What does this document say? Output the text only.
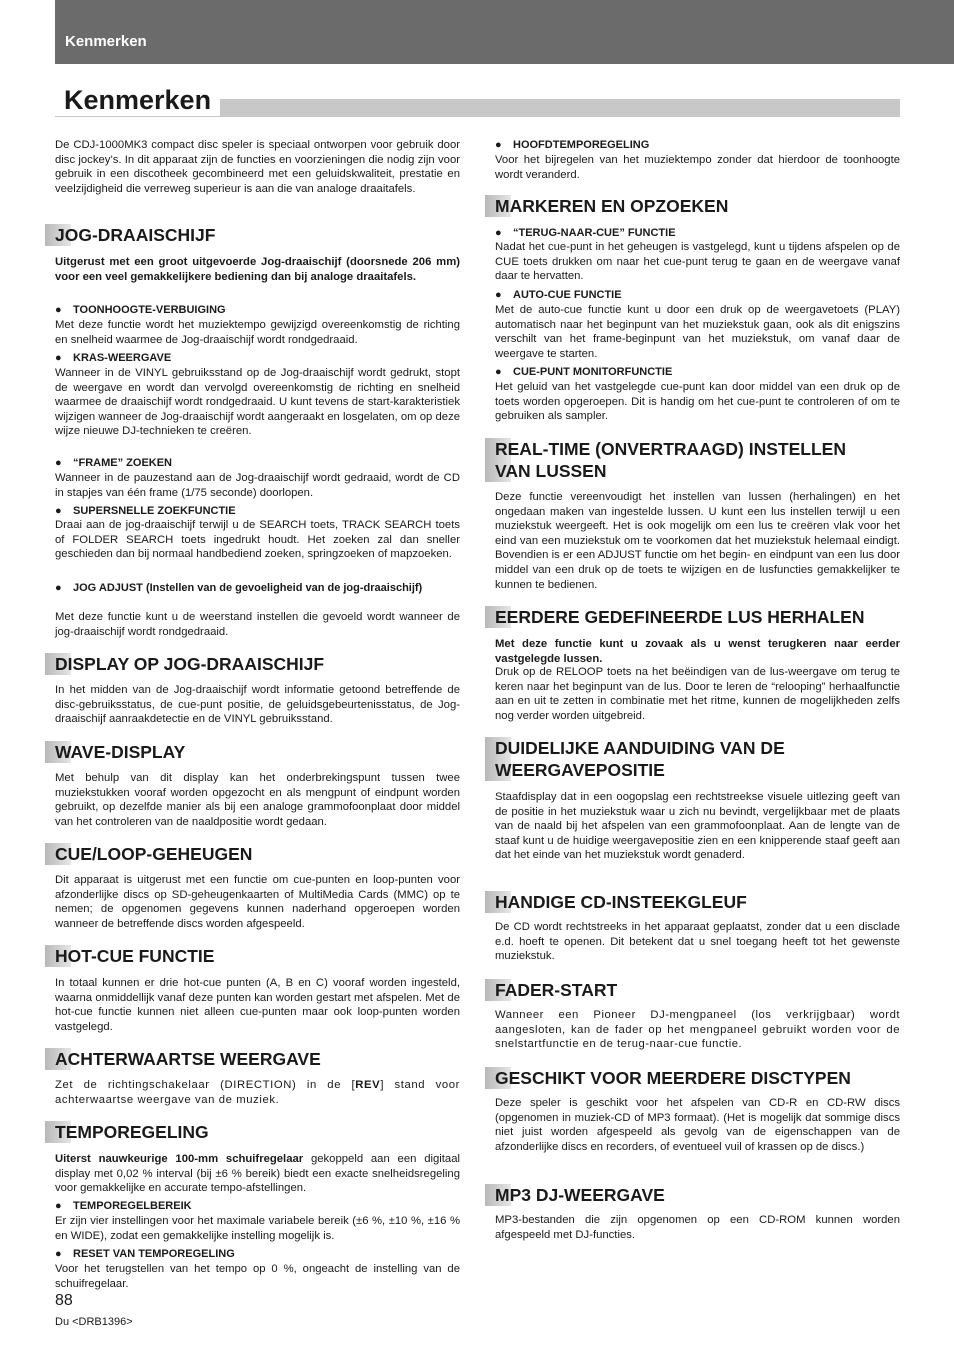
Kenmerken
Kenmerken

De CDJ-1000MK3 compact disc speler is speciaal ontworpen voor gebruik door disc jockey’s. In dit apparaat zijn de functies en voorzieningen die nodig zijn voor gebruik in een discotheek gecombineerd met een geluidskwaliteit, prestatie en veelzijdigheid die verreweg superieur is aan die van analoge draaitafels.

JOG-DRAAISCHIJF

Uitgerust met een groot uitgevoerde Jog-draaischijf (doorsnede 206 mm) voor een veel gemakkelijkere bediening dan bij analoge draaitafels.

● TOONHOOGTE-VERBUIGING

Met deze functie wordt het muziektempo gewijzigd overeenkomstig de richting en snelheid waarmee de Jog-draaischijf wordt rondgedraaid.

● KRAS-WEERGAVE

Wanneer in de VINYL gebruiksstand op de Jog-draaischijf wordt gedrukt, stopt de weergave en wordt dan vervolgd overeenkomstig de richting en snelheid waarmee de draaischijf wordt rondgedraaid. U kunt tevens de start-karakteristiek wijzigen wanneer de Jog-draaischijf wordt aangeraakt en losgelaten, om op deze wijze nieuwe DJ-technieken te creëren.

● “FRAME” ZOEKEN

Wanneer in de pauzestand aan de Jog-draaischijf wordt gedraaid, wordt de CD in stapjes van één frame (1/75 seconde) doorlopen.

● SUPERSNELLE ZOEKFUNCTIE

Draai aan de jog-draaischijf terwijl u de SEARCH toets, TRACK SEARCH toets of FOLDER SEARCH toets ingedrukt houdt. Het zoeken zal dan sneller geschieden dan bij normaal handbediend zoeken, springzoeken of mapzoeken.

● JOG ADJUST (Instellen van de gevoeligheid van de jog-draaischijf)

Met deze functie kunt u de weerstand instellen die gevoeld wordt wanneer de jog-draaischijf wordt rondgedraaid.

DISPLAY OP JOG-DRAAISCHIJF

In het midden van de Jog-draaischijf wordt informatie getoond betreffende de disc-gebruiksstatus, de cue-punt positie, de geluidsgebeurtenisstatus, de Jog-draaischijf aanraakdetectie en de VINYL gebruiksstand.

WAVE-DISPLAY

Met behulp van dit display kan het onderbrekingspunt tussen twee muziekstukken vooraf worden opgezocht en als mengpunt of eindpunt worden gebruikt, op dezelfde manier als bij een analoge grammofoonplaat door middel van het controleren van de naaldpositie wordt gedaan.

CUE/LOOP-GEHEUGEN

Dit apparaat is uitgerust met een functie om cue-punten en loop-punten voor afzonderlijke discs op SD-geheugenkaarten of MultiMedia Cards (MMC) op te nemen; de opgenomen gegevens kunnen naderhand opgeroepen worden wanneer de betreffende discs worden afgespeeld.

HOT-CUE FUNCTIE

In totaal kunnen er drie hot-cue punten (A, B en C) vooraf worden ingesteld, waarna onmiddellijk vanaf deze punten kan worden gestart met afspelen. Met de hot-cue functie kunnen niet alleen cue-punten maar ook loop-punten worden vastgelegd.

ACHTERWAARTSE WEERGAVE

Zet de richtingschakelaar (DIRECTION) in de [REV] stand voor achterwaartse weergave van de muziek.

TEMPOREGELING

Uiterst nauwkeurige 100-mm schuifregelaar gekoppeld aan een digitaal display met 0,02 % interval (bij ±6 % bereik) biedt een exacte snelheidsregeling voor gemakkelijke en accurate tempo-afstellingen.

● TEMPOREGELBEREIK

Er zijn vier instellingen voor het maximale variabele bereik (±6 %, ±10 %, ±16 % en WIDE), zodat een gemakkelijke instelling mogelijk is.

● RESET VAN TEMPOREGELING

Voor het terugstellen van het tempo op 0 %, ongeacht de instelling van de schuifregelaar.

● HOOFDTEMPOREGELING

Voor het bijregelen van het muziektempo zonder dat hierdoor de toonhoogte wordt veranderd.

MARKEREN EN OPZOEKEN
● “TERUG-NAAR-CUE” FUNCTIE

Nadat het cue-punt in het geheugen is vastgelegd, kunt u tijdens afspelen op de CUE toets drukken om naar het cue-punt terug te gaan en de weergave vanaf daar te hervatten.

● AUTO-CUE FUNCTIE

Met de auto-cue functie kunt u door een druk op de weergavetoets (PLAY) automatisch naar het beginpunt van het muziekstuk gaan, ook als dit enigszins verschilt van het frame-beginpunt van het muziekstuk, om vanaf daar de weergave te starten.

● CUE-PUNT MONITORFUNCTIE

Het geluid van het vastgelegde cue-punt kan door middel van een druk op de toets worden opgeroepen. Dit is handig om het cue-punt te controleren of om te gebruiken als sampler.

REAL-TIME (ONVERTRAAGD) INSTELLEN
VAN LUSSEN

Deze functie vereenvoudigt het instellen van lussen (herhalingen) en het ongedaan maken van ingestelde lussen. U kunt een lus instellen terwijl u een muziekstuk weergeeft. Het is ook mogelijk om een lus te creëren vlak voor het eind van een muziekstuk om te voorkomen dat het muziekstuk helemaal eindigt. Bovendien is er een ADJUST functie om het begin- en eindpunt van een lus door middel van een druk op de toets te wijzigen en de lusfuncties gemakkelijker te kunnen te bedienen.

EERDERE GEDEFINEERDE LUS HERHALEN

Met deze functie kunt u zovaak als u wenst terugkeren naar eerder vastgelegde lussen.

Druk op de RELOOP toets na het beëindigen van de lus-weergave om terug te keren naar het beginpunt van de lus. Door te leren de “relooping” herhaalfunctie aan en uit te zetten in combinatie met het ritme, kunnen de mogelijkheden zelfs nog verder worden uitgebreid.

DUIDELIJKE AANDUIDING VAN DE
WEERGAVEPOSITIE

Staafdisplay dat in een oogopslag een rechtstreekse visuele uitlezing geeft van de positie in het muziekstuk waar u zich nu bevindt, vergelijkbaar met de plaats van de naald bij het afspelen van een grammofoonplaat. Aan de lengte van de staaf kunt u de huidige weergavepositie zien en een knipperende staaf geeft aan dat het einde van het muziekstuk wordt genaderd.

HANDIGE CD-INSTEEKGLEUF

De CD wordt rechtstreeks in het apparaat geplaatst, zonder dat u een disclade e.d. hoeft te openen. Dit betekent dat u snel toegang heeft tot het gewenste muziekstuk.

FADER-START

Wanneer een Pioneer DJ-mengpaneel (los verkrijgbaar) wordt aangesloten, kan de fader op het mengpaneel gebruikt worden voor de snelstartfunctie en de terug-naar-cue functie.

GESCHIKT VOOR MEERDERE DISCTYPEN

Deze speler is geschikt voor het afspelen van CD-R en CD-RW discs (opgenomen in muziek-CD of MP3 formaat). (Het is mogelijk dat sommige discs niet juist worden afgespeeld als gevolg van de eigenschappen van de afzonderlijke discs en recorders, of eventueel vuil of krassen op de discs.)

MP3 DJ-WEERGAVE

MP3-bestanden die zijn opgenomen op een CD-ROM kunnen worden afgespeeld met DJ-functies.

88
Du <DRB1396>
